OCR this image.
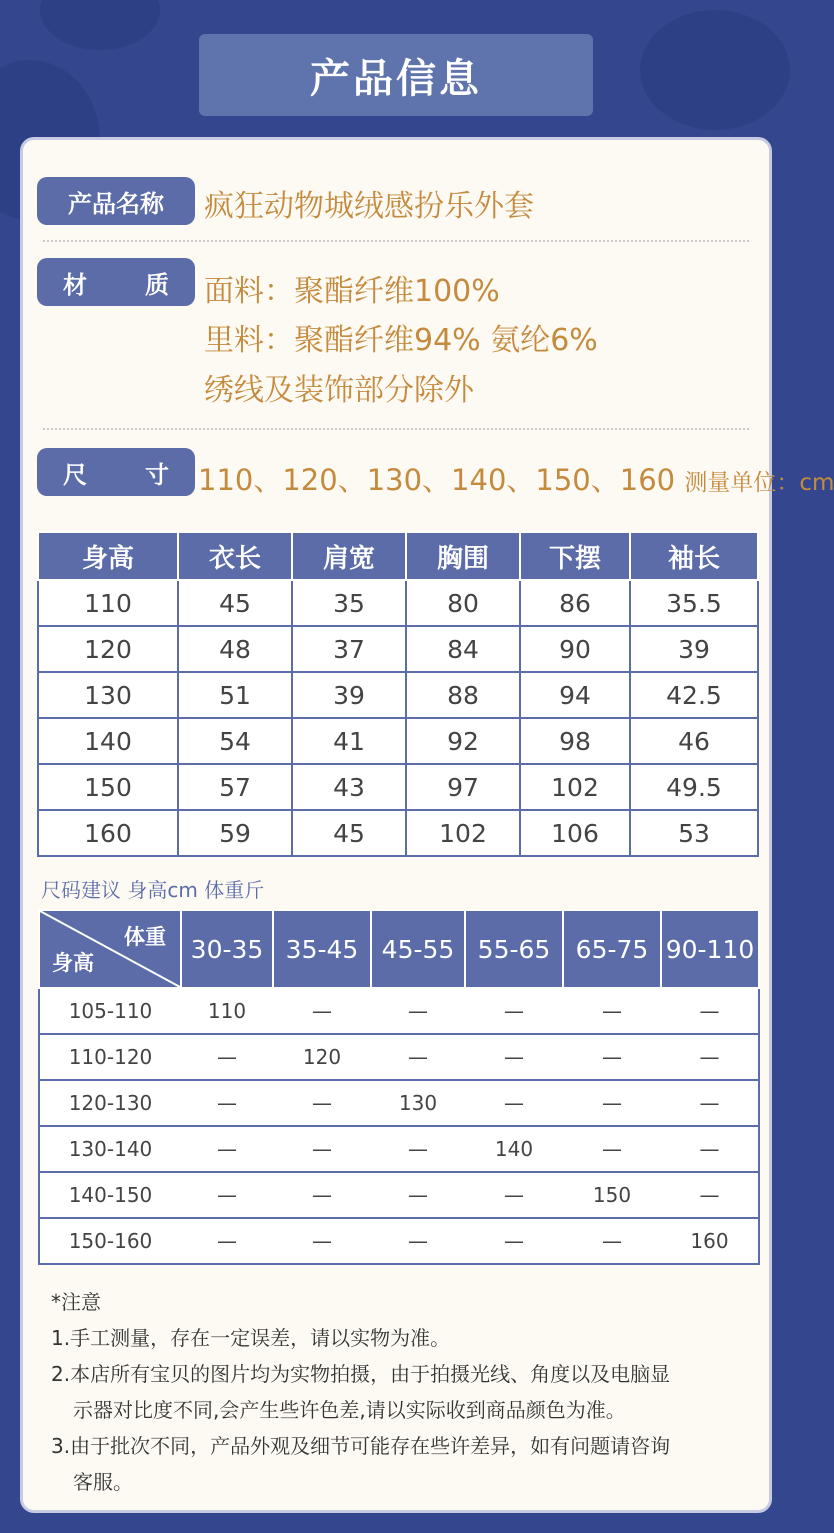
产品信息
产品名称	疯狂动物城绒感扮乐外套
材 质 面料：聚酯纤维100%
里料：聚酯纤维94% 氨纶6%
绣线及装饰部分除外
尺 寸 110、120、130、140、150、160 测量单位：cm
身高	衣长	肩宽	胸围	下摆	袖长
110	45	35	80	86	35.5
120	48	37	84	90	39
130	51	39	88	94	42.5
140	54	41	92	98	46
150	57	43	97	102	49.5
160	59	45	102	106	53
尺码建议 身高cm 体重斤
体重
身高	30-35	35-45	45-55	55-65	65-75	90-110
105-110	110	—	—	—	—	—
110-120	—	120	—	—	—	—
120-130	—	—	130	—	—	—
130-140	—	—	—	140	—	—
140-150	—	—	—	—	150	—
150-160	—	—	—	—	—	160
*注意
1.手工测量，存在一定误差，请以实物为准。
2.本店所有宝贝的图片均为实物拍摄，由于拍摄光线、角度以及电脑显
示器对比度不同,会产生些许色差,请以实际收到商品颜色为准。
3.由于批次不同，产品外观及细节可能存在些许差异，如有问题请咨询
客服。
